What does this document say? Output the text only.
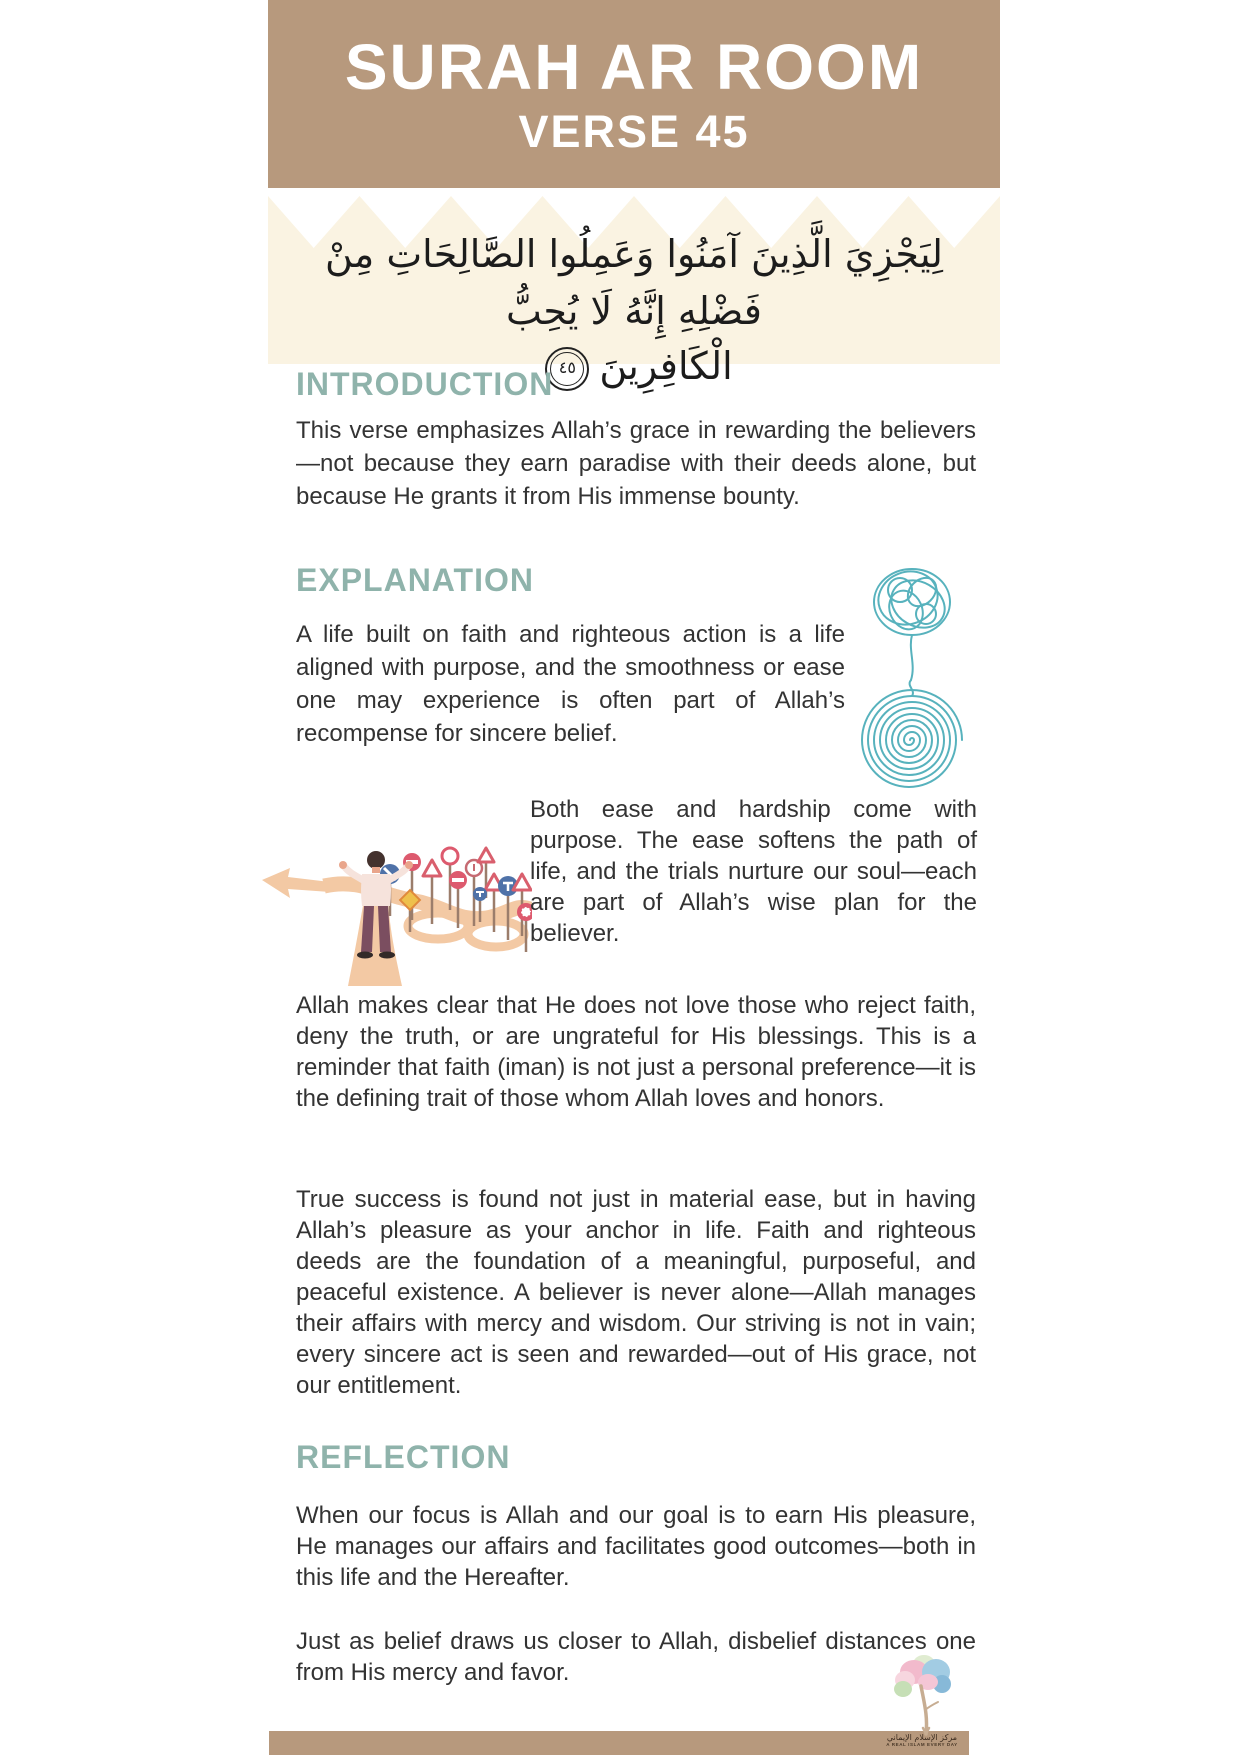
SURAH AR ROOM
VERSE 45
لِيَجْزِيَ الَّذِينَ آمَنُوا وَعَمِلُوا الصَّالِحَاتِ مِنْ فَضْلِهِ إِنَّهُ لَا يُحِبُّ
الْكَافِرِينَ
٤٥
INTRODUCTION
This verse emphasizes Allah’s grace in rewarding the believers—not because they earn paradise with their deeds alone, but because He grants it from His immense bounty.
EXPLANATION
A life built on faith and righteous action is a life aligned with purpose, and the smoothness or ease one may experience is often part of Allah’s recompense for sincere belief.
Both ease and hardship come with purpose. The ease softens the path of life, and the trials nurture our soul—each are part of Allah’s wise plan for the believer.
Allah makes clear that He does not love those who reject faith, deny the truth, or are ungrateful for His blessings. This is a reminder that faith (iman) is not just a personal preference—it is the defining trait of those whom Allah loves and honors.
True success is found not just in material ease, but in having Allah’s pleasure as your anchor in life. Faith and righteous deeds are the foundation of a meaningful, purposeful, and peaceful existence. A believer is never alone—Allah manages their affairs with mercy and wisdom. Our striving is not in vain; every sincere act is seen and rewarded—out of His grace, not our entitlement.
REFLECTION
When our focus is Allah and our goal is to earn His pleasure, He manages our affairs and facilitates good outcomes—both in this life and the Hereafter.
Just as belief draws us closer to Allah, disbelief distances one from His mercy and favor.
مركز الإسلام الإيماني
A REAL ISLAM EVERY DAY
